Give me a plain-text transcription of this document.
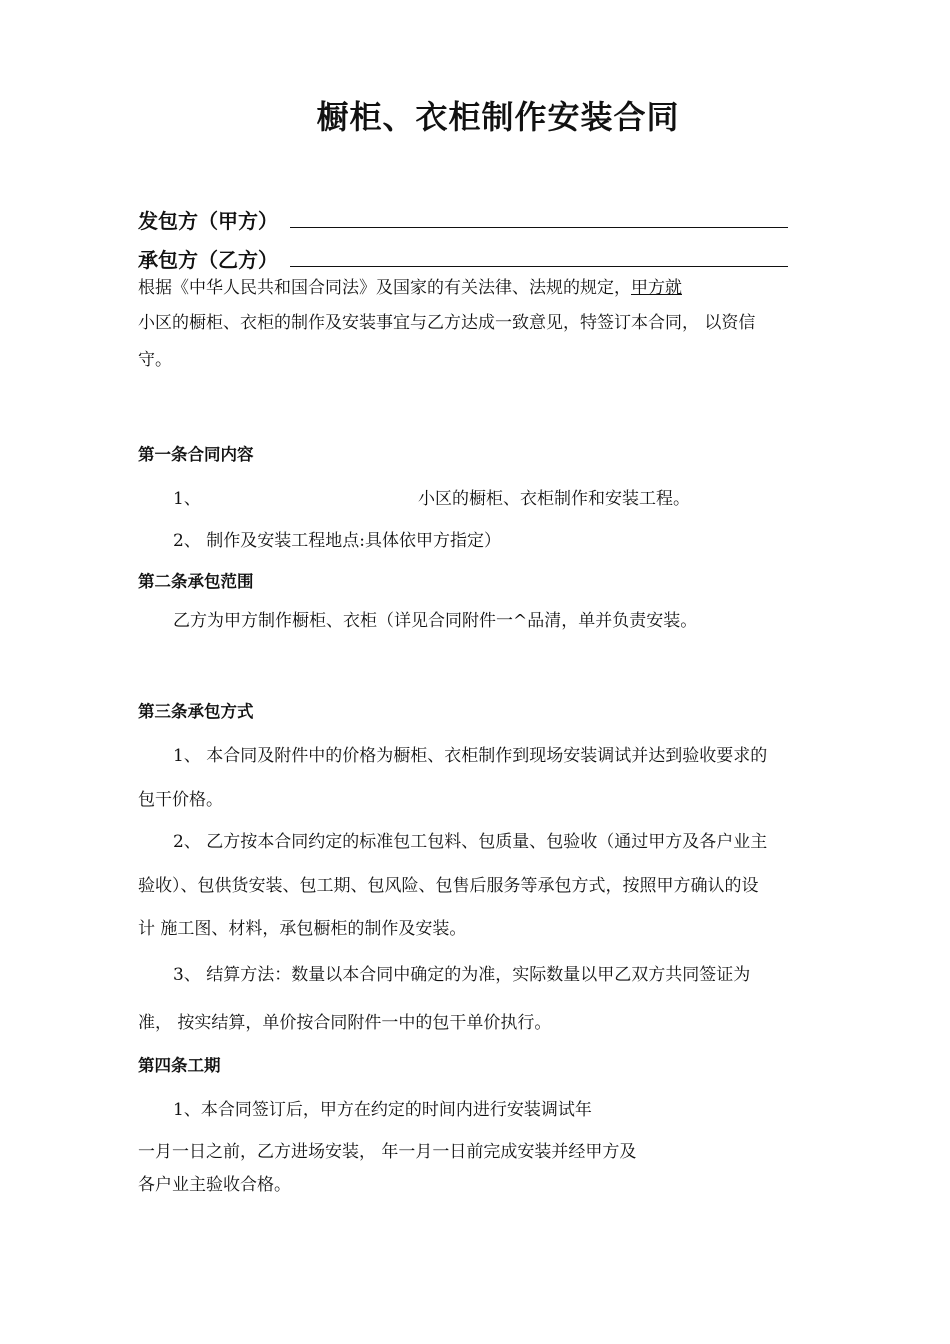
橱柜、衣柜制作安装合同
发包方（甲方）
承包方（乙方）
根据《中华人民共和国合同法》及国家的有关法律、法规的规定，甲方就
小区的橱柜、衣柜的制作及安装事宜与乙方达成一致意见，特签订本合同， 以资信
守。
第一条合同内容
1、	小区的橱柜、衣柜制作和安装工程。
2、 制作及安装工程地点:具体依甲方指定）
第二条承包范围
乙方为甲方制作橱柜、衣柜（详见合同附件一^品清，单并负责安装。
第三条承包方式
1、 本合同及附件中的价格为橱柜、衣柜制作到现场安装调试并达到验收要求的
包干价格。
2、 乙方按本合同约定的标准包工包料、包质量、包验收（通过甲方及各户业主
验收）、包供货安装、包工期、包风险、包售后服务等承包方式，按照甲方确认的设
计 施工图、材料，承包橱柜的制作及安装。
3、 结算方法：数量以本合同中确定的为准，实际数量以甲乙双方共同签证为
准， 按实结算，单价按合同附件一中的包干单价执行。
第四条工期
1、本合同签订后，甲方在约定的时间内进行安装调试年
一月一日之前，乙方进场安装， 年一月一日前完成安装并经甲方及
各户业主验收合格。
